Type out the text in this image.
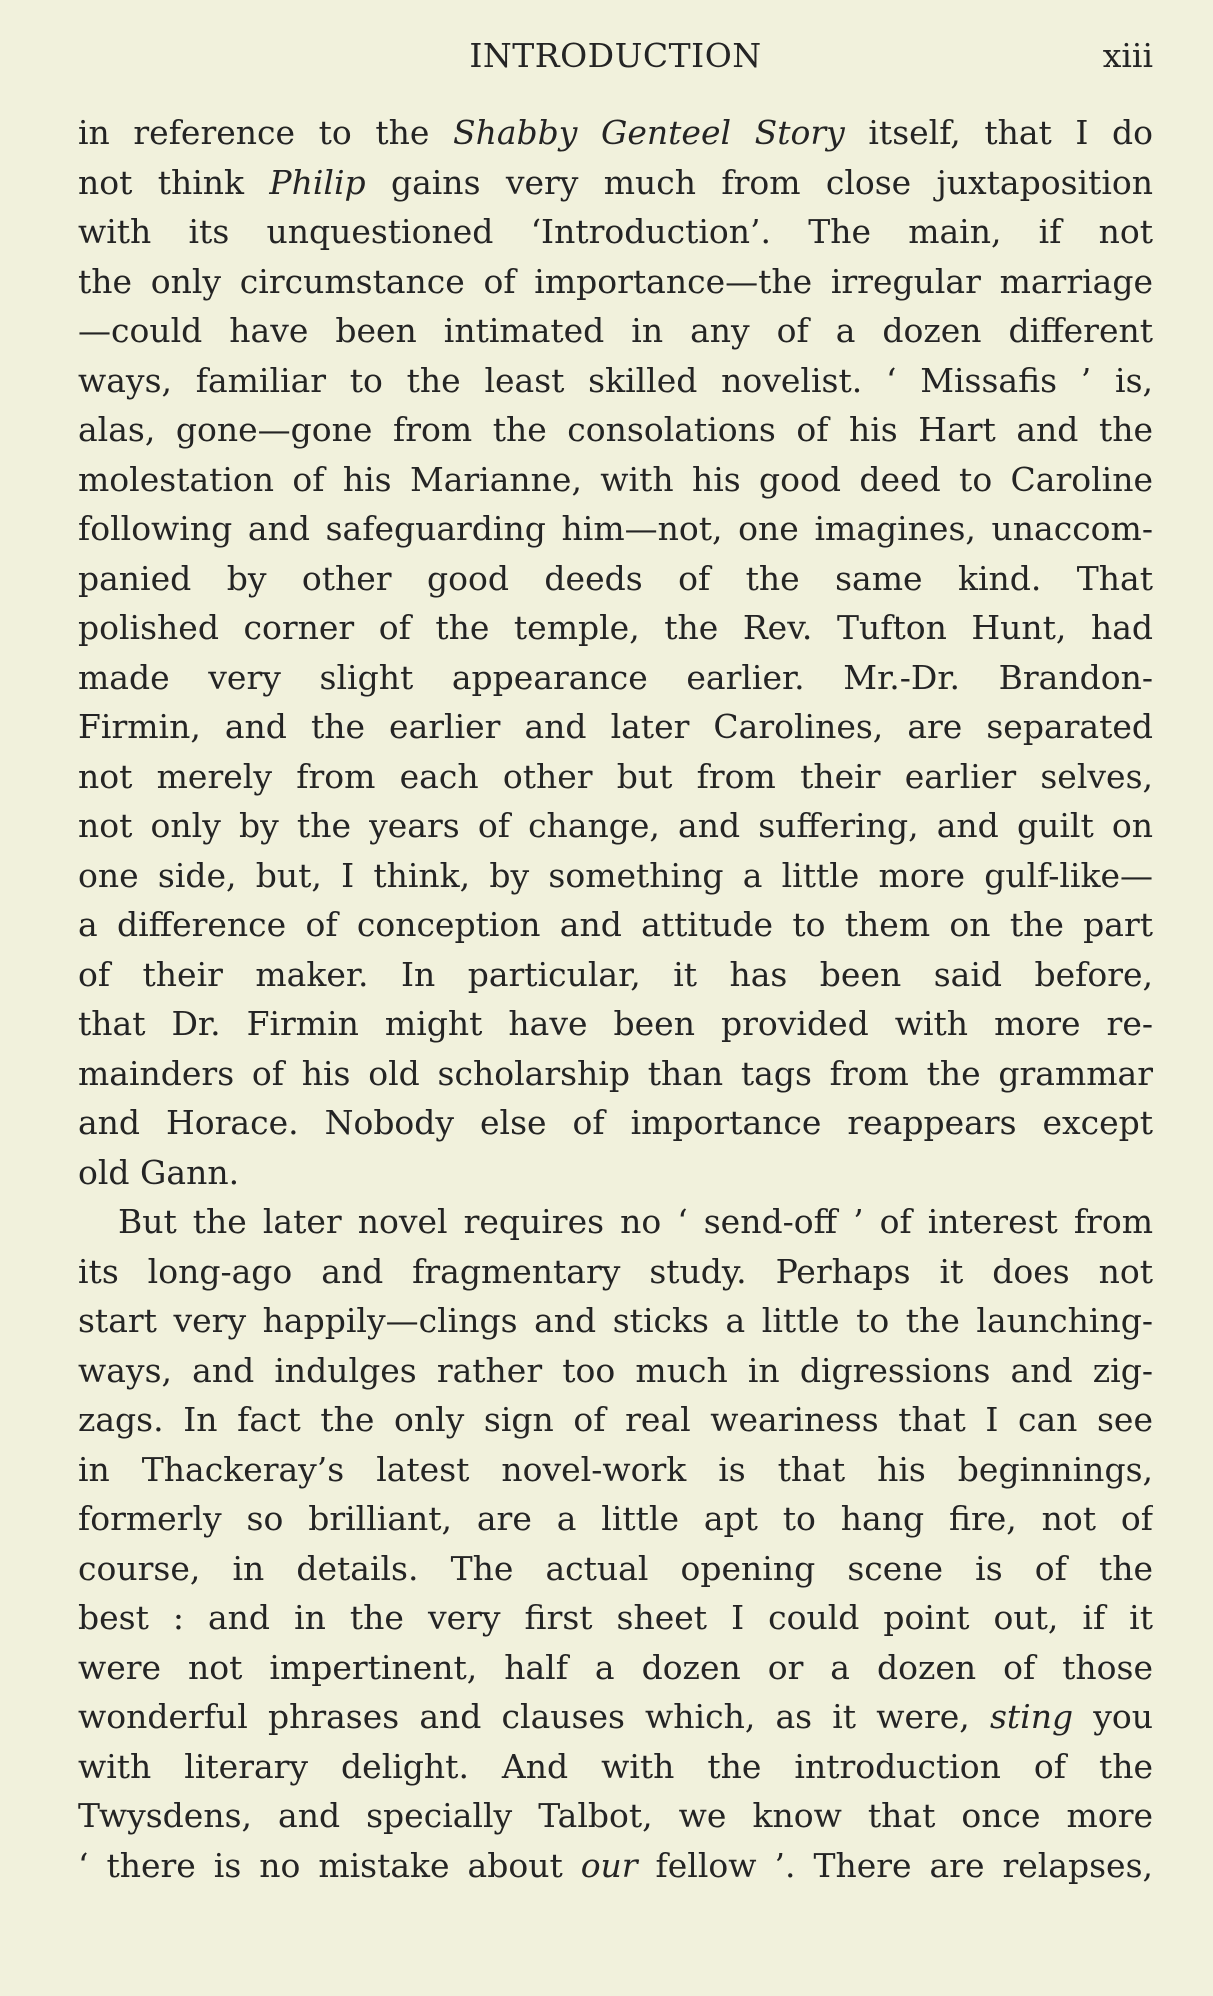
INTRODUCTION	xiii
in reference to the Shabby Genteel Story itself, that I do
not think Philip gains very much from close juxtaposition
with its unquestioned ‘Introduction’. The main, if not
the only circumstance of importance—the irregular marriage
—could have been intimated in any of a dozen different
ways, familiar to the least skilled novelist. ‘ Missafis ’ is,
alas, gone—gone from the consolations of his Hart and the
molestation of his Marianne, with his good deed to Caroline
following and safeguarding him—not, one imagines, unaccom-
panied by other good deeds of the same kind. That
polished corner of the temple, the Rev. Tufton Hunt, had
made very slight appearance earlier. Mr.-Dr. Brandon-
Firmin, and the earlier and later Carolines, are separated
not merely from each other but from their earlier selves,
not only by the years of change, and suffering, and guilt on
one side, but, I think, by something a little more gulf-like—
a difference of conception and attitude to them on the part
of their maker. In particular, it has been said before,
that Dr. Firmin might have been provided with more re-
mainders of his old scholarship than tags from the grammar
and Horace. Nobody else of importance reappears except
old Gann.
But the later novel requires no ‘ send-off ’ of interest from
its long-ago and fragmentary study. Perhaps it does not
start very happily—clings and sticks a little to the launching-
ways, and indulges rather too much in digressions and zig-
zags. In fact the only sign of real weariness that I can see
in Thackeray’s latest novel-work is that his beginnings,
formerly so brilliant, are a little apt to hang fire, not of
course, in details. The actual opening scene is of the
best : and in the very first sheet I could point out, if it
were not impertinent, half a dozen or a dozen of those
wonderful phrases and clauses which, as it were, sting you
with literary delight. And with the introduction of the
Twysdens, and specially Talbot, we know that once more
‘ there is no mistake about our fellow ’. There are relapses,
